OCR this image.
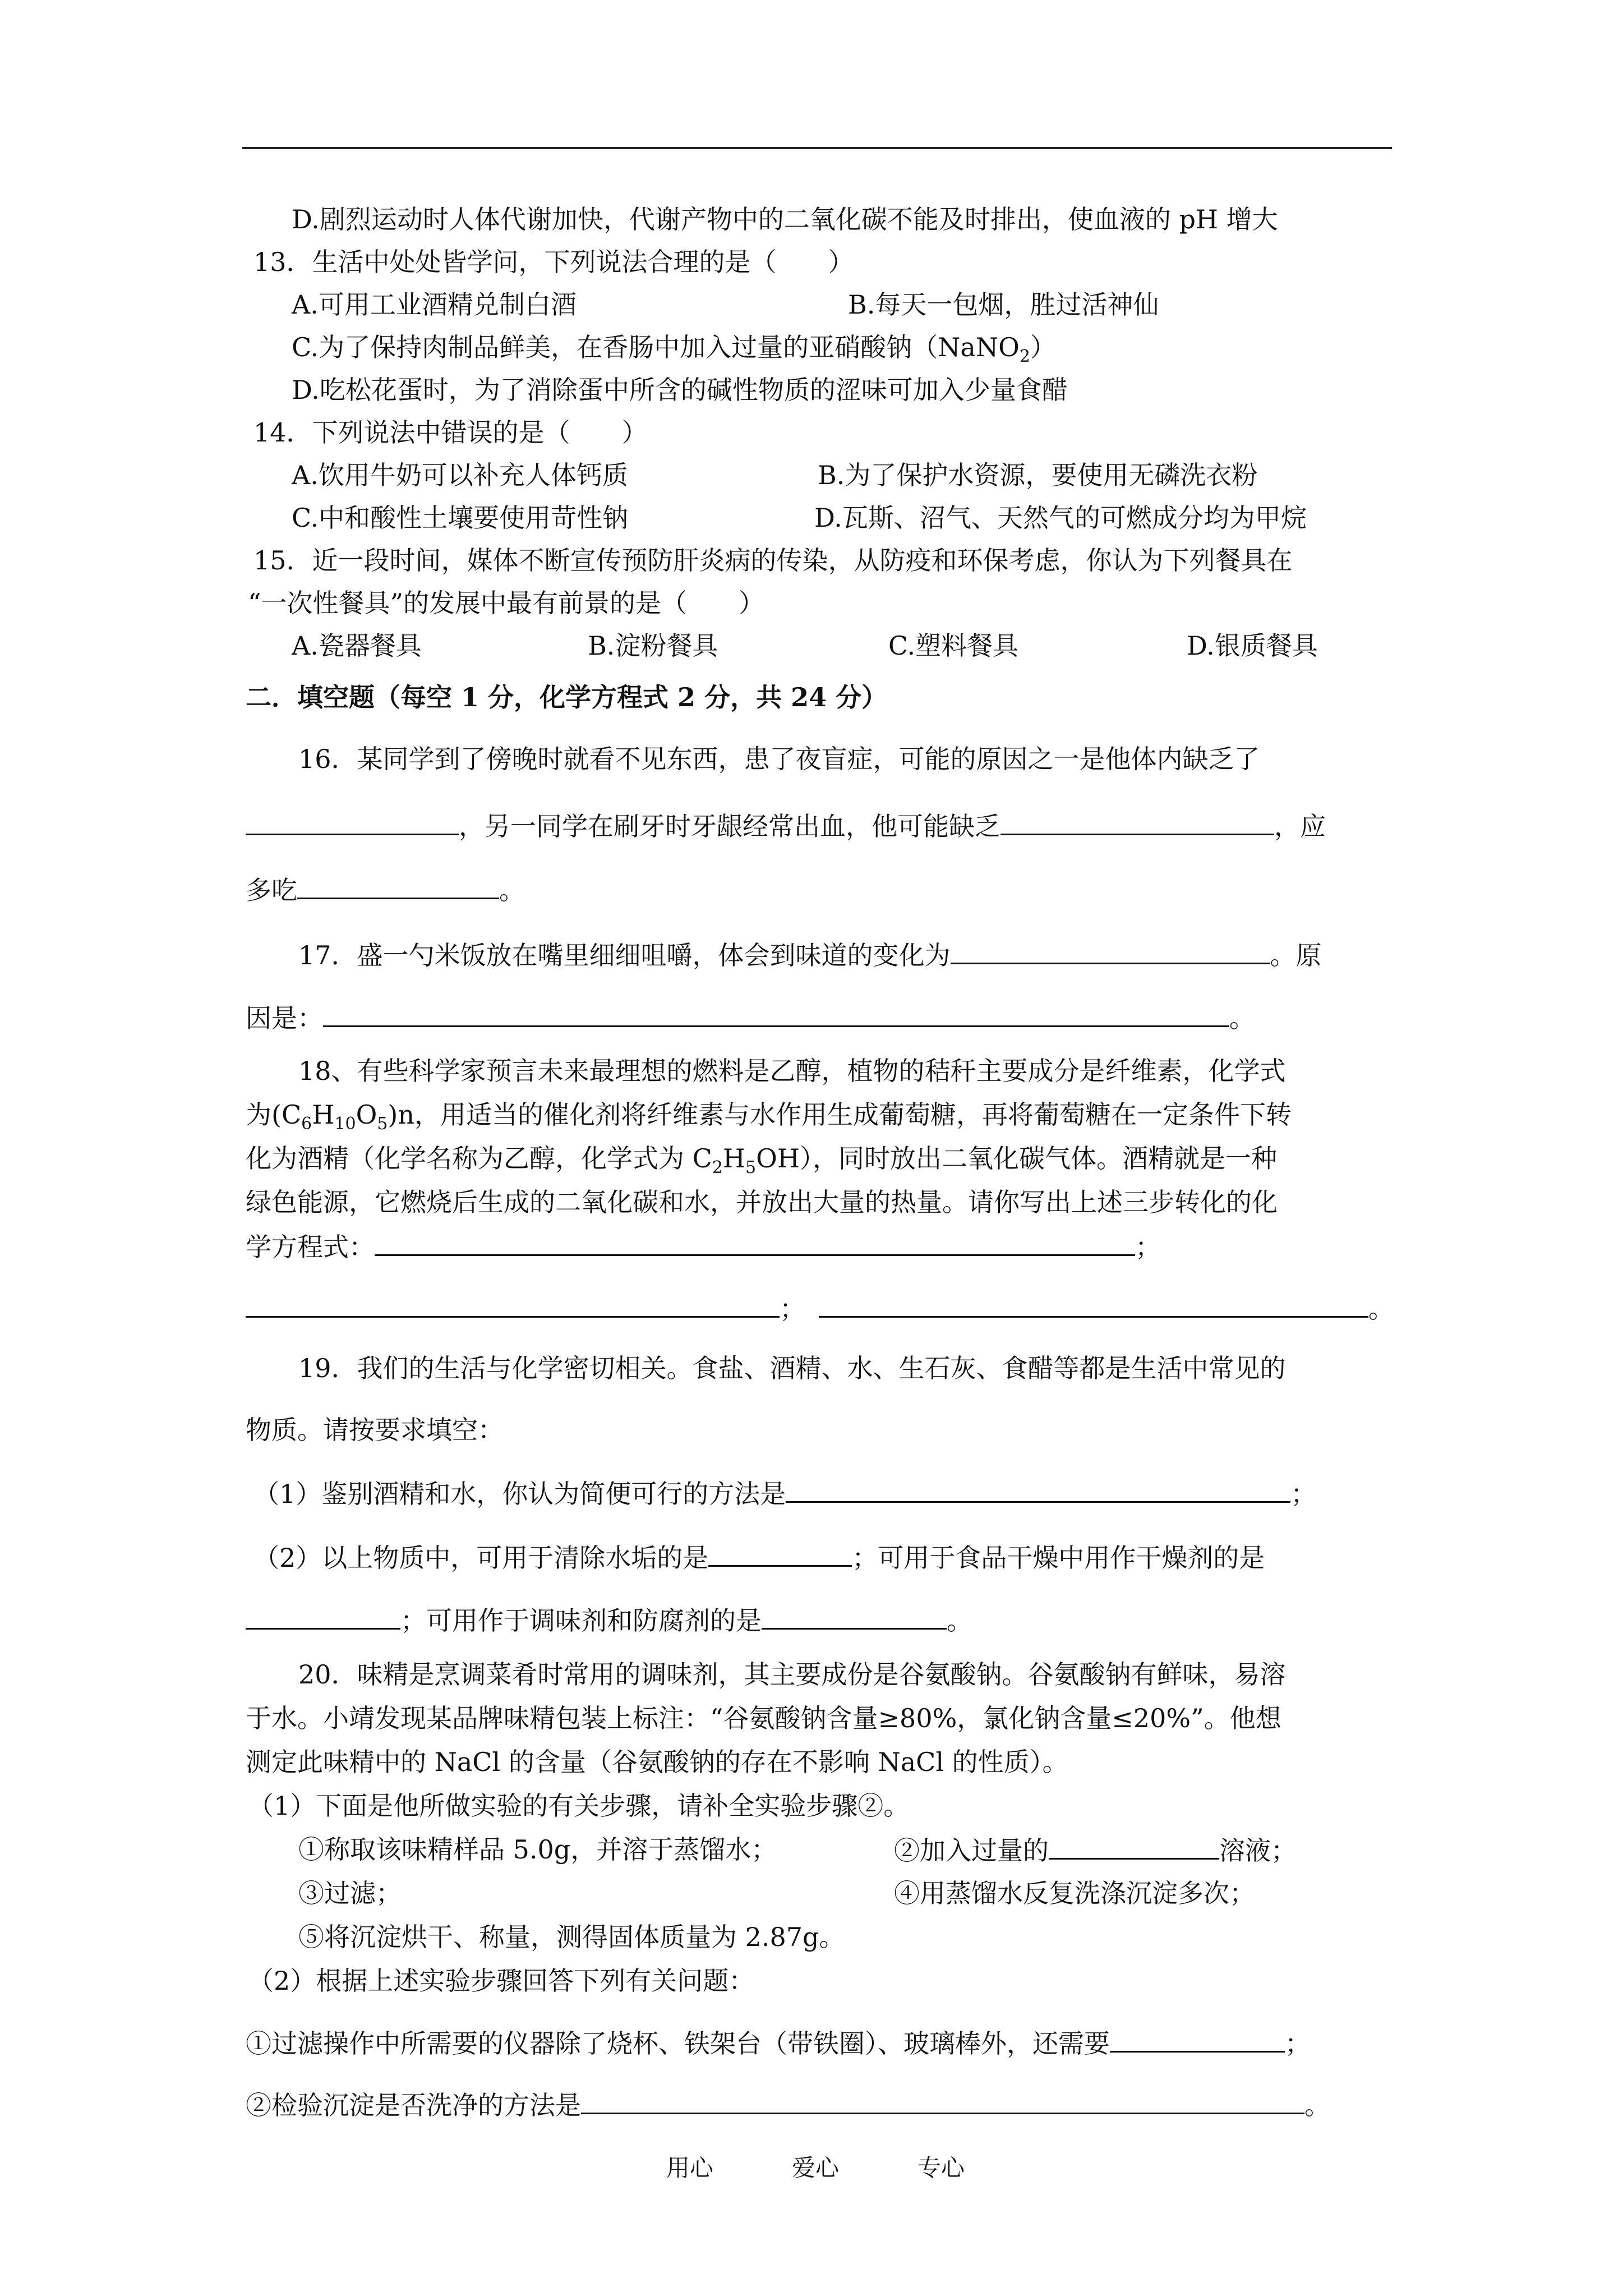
D.剧烈运动时人体代谢加快，代谢产物中的二氧化碳不能及时排出，使血液的 pH 增大
13．生活中处处皆学问，下列说法合理的是（　　）
A.可用工业酒精兑制白酒	B.每天一包烟，胜过活神仙
C.为了保持肉制品鲜美，在香肠中加入过量的亚硝酸钠（NaNO$_2$）
D.吃松花蛋时，为了消除蛋中所含的碱性物质的涩味可加入少量食醋
14．下列说法中错误的是（　　）
A.饮用牛奶可以补充人体钙质	B.为了保护水资源，要使用无磷洗衣粉
C.中和酸性土壤要使用苛性钠	D.瓦斯、沼气、天然气的可燃成分均为甲烷
15．近一段时间，媒体不断宣传预防肝炎病的传染，从防疫和环保考虑，你认为下列餐具在
“一次性餐具”的发展中最有前景的是（　　）
A.瓷器餐具	B.淀粉餐具	C.塑料餐具	D.银质餐具
二．填空题（每空 1 分，化学方程式 2 分，共 24 分）
16．某同学到了傍晚时就看不见东西，患了夜盲症，可能的原因之一是他体内缺乏了
，另一同学在刷牙时牙龈经常出血，他可能缺乏	，应
多吃	。
17．盛一勺米饭放在嘴里细细咀嚼，体会到味道的变化为	。原
因是：	。
18、有些科学家预言未来最理想的燃料是乙醇，植物的秸秆主要成分是纤维素，化学式
为$(C_6H_{10}O_5)n$，用适当的催化剂将纤维素与水作用生成葡萄糖，再将葡萄糖在一定条件下转
化为酒精（化学名称为乙醇，化学式为 $C_2H_5OH$），同时放出二氧化碳气体。酒精就是一种
绿色能源，它燃烧后生成的二氧化碳和水，并放出大量的热量。请你写出上述三步转化的化
学方程式：	；
；	。
19．我们的生活与化学密切相关。食盐、酒精、水、生石灰、食醋等都是生活中常见的
物质。请按要求填空：
（1）鉴别酒精和水，你认为简便可行的方法是	；
（2）以上物质中，可用于清除水垢的是	；可用于食品干燥中用作干燥剂的是
；可用作于调味剂和防腐剂的是	。
20．味精是烹调菜肴时常用的调味剂，其主要成份是谷氨酸钠。谷氨酸钠有鲜味，易溶
于水。小靖发现某品牌味精包装上标注：“谷氨酸钠含量≥80%，氯化钠含量≤20%”。他想
测定此味精中的 NaCl 的含量（谷氨酸钠的存在不影响 NaCl 的性质）。
（1）下面是他所做实验的有关步骤，请补全实验步骤②。
①称取该味精样品 5.0g，并溶于蒸馏水；	②加入过量的	溶液；
③过滤；	④用蒸馏水反复洗涤沉淀多次；
⑤将沉淀烘干、称量，测得固体质量为 2.87g。
（2）根据上述实验步骤回答下列有关问题：
①过滤操作中所需要的仪器除了烧杯、铁架台（带铁圈）、玻璃棒外，还需要	；
②检验沉淀是否洗净的方法是	。
用心	爱心	专心
